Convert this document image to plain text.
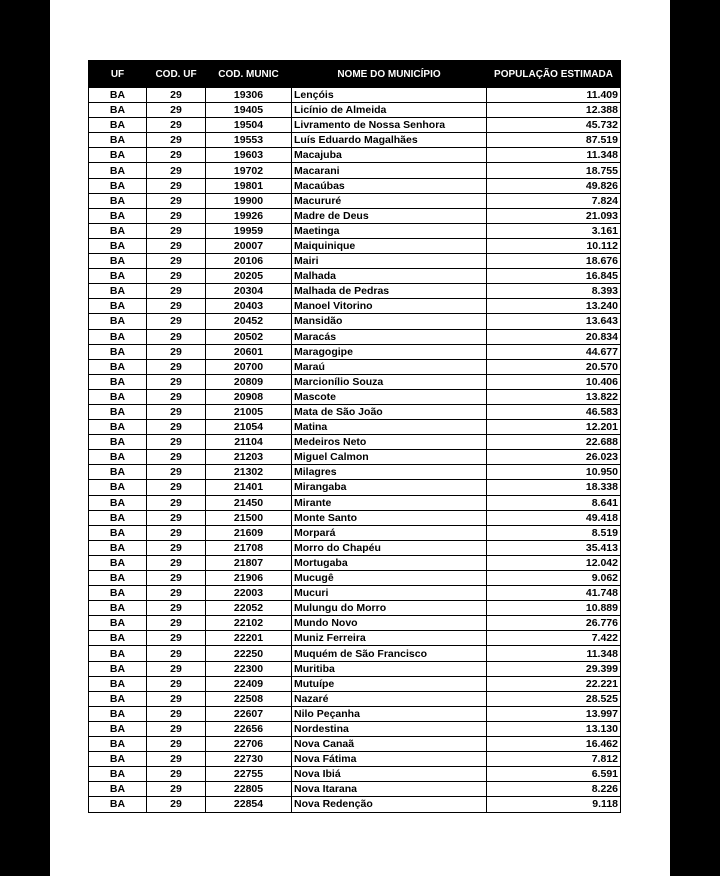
UF	COD. UF	COD. MUNIC	NOME DO MUNICÍPIO	POPULAÇÃO ESTIMADA
BA	29	19306	Lençóis	11.409
BA	29	19405	Licínio de Almeida	12.388
BA	29	19504	Livramento de Nossa Senhora	45.732
BA	29	19553	Luís Eduardo Magalhães	87.519
BA	29	19603	Macajuba	11.348
BA	29	19702	Macarani	18.755
BA	29	19801	Macaúbas	49.826
BA	29	19900	Macururé	7.824
BA	29	19926	Madre de Deus	21.093
BA	29	19959	Maetinga	3.161
BA	29	20007	Maiquinique	10.112
BA	29	20106	Mairi	18.676
BA	29	20205	Malhada	16.845
BA	29	20304	Malhada de Pedras	8.393
BA	29	20403	Manoel Vitorino	13.240
BA	29	20452	Mansidão	13.643
BA	29	20502	Maracás	20.834
BA	29	20601	Maragogipe	44.677
BA	29	20700	Maraú	20.570
BA	29	20809	Marcionílio Souza	10.406
BA	29	20908	Mascote	13.822
BA	29	21005	Mata de São João	46.583
BA	29	21054	Matina	12.201
BA	29	21104	Medeiros Neto	22.688
BA	29	21203	Miguel Calmon	26.023
BA	29	21302	Milagres	10.950
BA	29	21401	Mirangaba	18.338
BA	29	21450	Mirante	8.641
BA	29	21500	Monte Santo	49.418
BA	29	21609	Morpará	8.519
BA	29	21708	Morro do Chapéu	35.413
BA	29	21807	Mortugaba	12.042
BA	29	21906	Mucugê	9.062
BA	29	22003	Mucuri	41.748
BA	29	22052	Mulungu do Morro	10.889
BA	29	22102	Mundo Novo	26.776
BA	29	22201	Muniz Ferreira	7.422
BA	29	22250	Muquém de São Francisco	11.348
BA	29	22300	Muritiba	29.399
BA	29	22409	Mutuípe	22.221
BA	29	22508	Nazaré	28.525
BA	29	22607	Nilo Peçanha	13.997
BA	29	22656	Nordestina	13.130
BA	29	22706	Nova Canaã	16.462
BA	29	22730	Nova Fátima	7.812
BA	29	22755	Nova Ibiá	6.591
BA	29	22805	Nova Itarana	8.226
BA	29	22854	Nova Redenção	9.118
